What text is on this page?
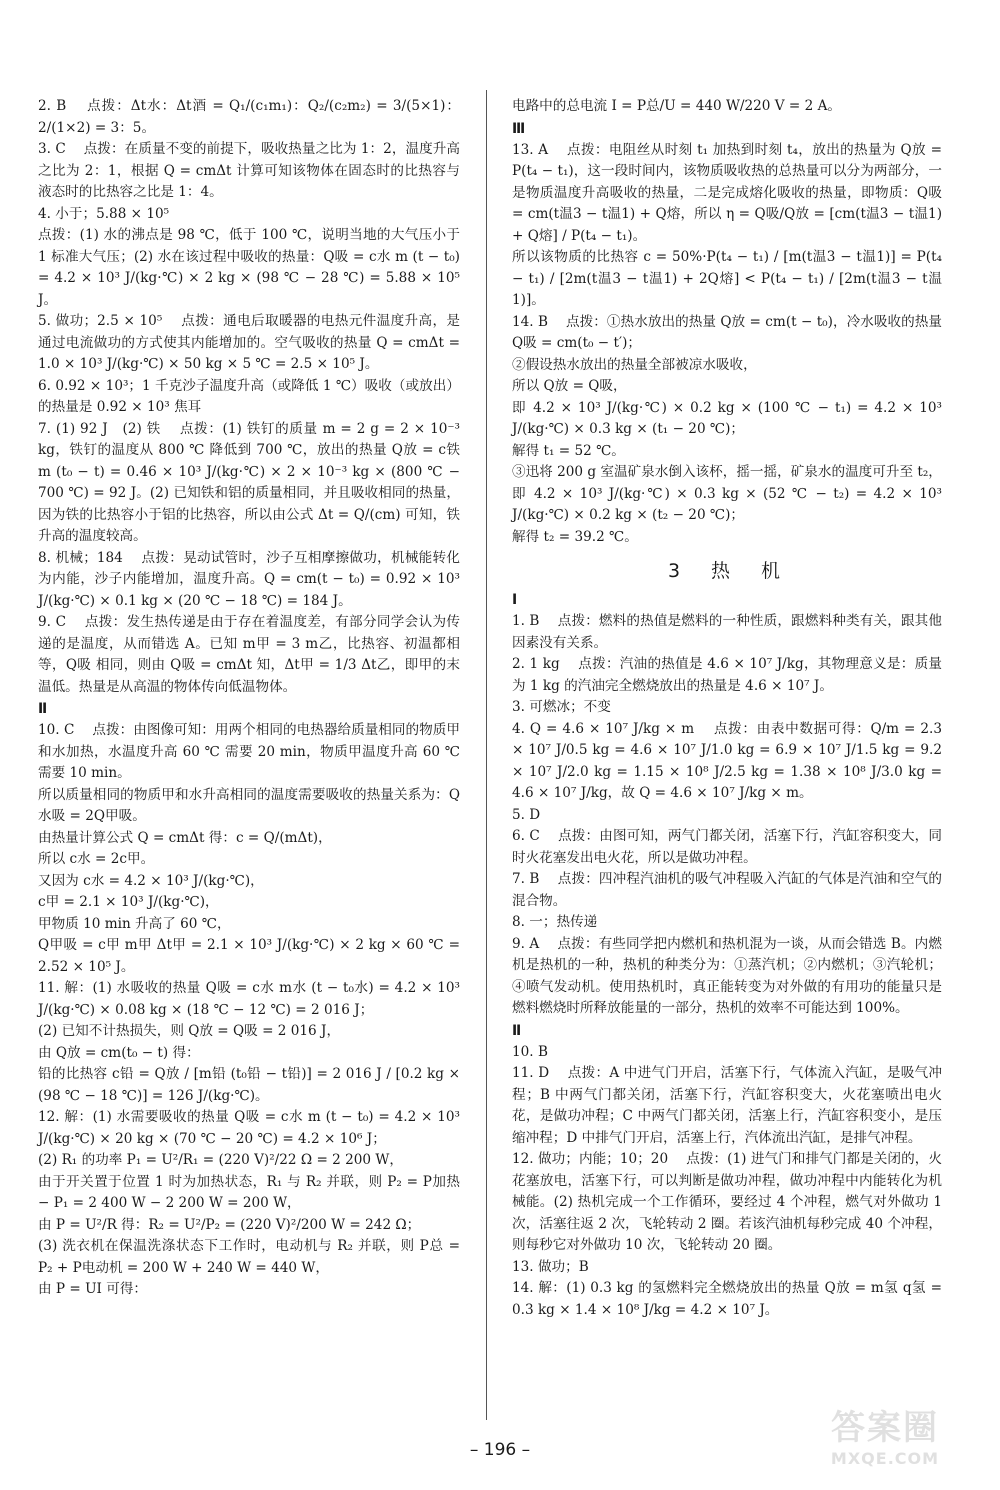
2. B　 点拨：Δt水：Δt酒 = Q₁/(c₁m₁)：Q₂/(c₂m₂) = 3/(5×1)：2/(1×2) = 3：5。
3. C　 点拨：在质量不变的前提下，吸收热量之比为 1：2，温度升高之比为 2：1，根据 Q = cmΔt 计算可知该物体在固态时的比热容与液态时的比热容之比是 1：4。
4. 小于；5.88 × 10⁵
点拨：(1) 水的沸点是 98 ℃，低于 100 ℃，说明当地的大气压小于 1 标准大气压；(2) 水在该过程中吸收的热量：Q吸 = c水 m (t − t₀) = 4.2 × 10³ J/(kg·℃) × 2 kg × (98 ℃ − 28 ℃) = 5.88 × 10⁵ J。
5. 做功；2.5 × 10⁵　 点拨：通电后取暖器的电热元件温度升高，是通过电流做功的方式使其内能增加的。空气吸收的热量 Q = cmΔt = 1.0 × 10³ J/(kg·℃) × 50 kg × 5 ℃ = 2.5 × 10⁵ J。
6. 0.92 × 10³；1 千克沙子温度升高（或降低 1 ℃）吸收（或放出）的热量是 0.92 × 10³ 焦耳
7. (1) 92 J　(2) 铁　 点拨：(1) 铁钉的质量 m = 2 g = 2 × 10⁻³ kg，铁钉的温度从 800 ℃ 降低到 700 ℃，放出的热量 Q放 = c铁 m (t₀ − t) = 0.46 × 10³ J/(kg·℃) × 2 × 10⁻³ kg × (800 ℃ − 700 ℃) = 92 J。(2) 已知铁和铝的质量相同，并且吸收相同的热量，因为铁的比热容小于铝的比热容，所以由公式 Δt = Q/(cm) 可知，铁升高的温度较高。
8. 机械；184　 点拨：晃动试管时，沙子互相摩擦做功，机械能转化为内能，沙子内能增加，温度升高。Q = cm(t − t₀) = 0.92 × 10³ J/(kg·℃) × 0.1 kg × (20 ℃ − 18 ℃) = 184 J。
9. C　 点拨：发生热传递是由于存在着温度差，有部分同学会认为传递的是温度，从而错选 A。已知 m甲 = 3 m乙，比热容、初温都相等，Q吸 相同，则由 Q吸 = cmΔt 知，Δt甲 = 1/3 Δt乙，即甲的末温低。热量是从高温的物体传向低温物体。
Ⅱ
10. C　 点拨：由图像可知：用两个相同的电热器给质量相同的物质甲和水加热，水温度升高 60 ℃ 需要 20 min，物质甲温度升高 60 ℃ 需要 10 min。
所以质量相同的物质甲和水升高相同的温度需要吸收的热量关系为：Q水吸 = 2Q甲吸。
由热量计算公式 Q = cmΔt 得：c = Q/(mΔt)，
所以 c水 = 2c甲。
又因为 c水 = 4.2 × 10³ J/(kg·℃)，
c甲 = 2.1 × 10³ J/(kg·℃)，
甲物质 10 min 升高了 60 ℃，
Q甲吸 = c甲 m甲 Δt甲 = 2.1 × 10³ J/(kg·℃) × 2 kg × 60 ℃ = 2.52 × 10⁵ J。
11. 解：(1) 水吸收的热量 Q吸 = c水 m水 (t − t₀水) = 4.2 × 10³ J/(kg·℃) × 0.08 kg × (18 ℃ − 12 ℃) = 2 016 J；
(2) 已知不计热损失，则 Q放 = Q吸 = 2 016 J，
由 Q放 = cm(t₀ − t) 得：
铅的比热容 c铅 = Q放 / [m铅 (t₀铅 − t铅)] = 2 016 J / [0.2 kg × (98 ℃ − 18 ℃)] = 126 J/(kg·℃)。
12. 解：(1) 水需要吸收的热量 Q吸 = c水 m (t − t₀) = 4.2 × 10³ J/(kg·℃) × 20 kg × (70 ℃ − 20 ℃) = 4.2 × 10⁶ J；
(2) R₁ 的功率 P₁ = U²/R₁ = (220 V)²/22 Ω = 2 200 W，
由于开关置于位置 1 时为加热状态，R₁ 与 R₂ 并联，则 P₂ = P加热 − P₁ = 2 400 W − 2 200 W = 200 W，
由 P = U²/R 得：R₂ = U²/P₂ = (220 V)²/200 W = 242 Ω；
(3) 洗衣机在保温洗涤状态下工作时，电动机与 R₂ 并联，则 P总 = P₂ + P电动机 = 200 W + 240 W = 440 W，
由 P = UI 可得：
电路中的总电流 I = P总/U = 440 W/220 V = 2 A。
Ⅲ
13. A　 点拨：电阻丝从时刻 t₁ 加热到时刻 t₄，放出的热量为 Q放 = P(t₄ − t₁)，这一段时间内，该物质吸收热的总热量可以分为两部分，一是物质温度升高吸收的热量，二是完成熔化吸收的热量，即物质：Q吸 = cm(t温3 − t温1) + Q熔，所以 η = Q吸/Q放 = [cm(t温3 − t温1) + Q熔] / P(t₄ − t₁)。
所以该物质的比热容 c = 50%·P(t₄ − t₁) / [m(t温3 − t温1)] = P(t₄ − t₁) / [2m(t温3 − t温1) + 2Q熔] < P(t₄ − t₁) / [2m(t温3 − t温1)]。
14. B　 点拨：①热水放出的热量 Q放 = cm(t − t₀)，冷水吸收的热量 Q吸 = cm(t₀ − t′)；
②假设热水放出的热量全部被凉水吸收，
所以 Q放 = Q吸，
即 4.2 × 10³ J/(kg·℃) × 0.2 kg × (100 ℃ − t₁) = 4.2 × 10³ J/(kg·℃) × 0.3 kg × (t₁ − 20 ℃)；
解得 t₁ = 52 ℃。
③迅将 200 g 室温矿泉水倒入该杯，摇一摇，矿泉水的温度可升至 t₂，
即 4.2 × 10³ J/(kg·℃) × 0.3 kg × (52 ℃ − t₂) = 4.2 × 10³ J/(kg·℃) × 0.2 kg × (t₂ − 20 ℃)；
解得 t₂ = 39.2 ℃。
3　热　机
Ⅰ
1. B　 点拨：燃料的热值是燃料的一种性质，跟燃料种类有关，跟其他因素没有关系。
2. 1 kg　 点拨：汽油的热值是 4.6 × 10⁷ J/kg，其物理意义是：质量为 1 kg 的汽油完全燃烧放出的热量是 4.6 × 10⁷ J。
3. 可燃冰；不变
4. Q = 4.6 × 10⁷ J/kg × m　 点拨：由表中数据可得：Q/m = 2.3 × 10⁷ J/0.5 kg = 4.6 × 10⁷ J/1.0 kg = 6.9 × 10⁷ J/1.5 kg = 9.2 × 10⁷ J/2.0 kg = 1.15 × 10⁸ J/2.5 kg = 1.38 × 10⁸ J/3.0 kg = 4.6 × 10⁷ J/kg，故 Q = 4.6 × 10⁷ J/kg × m。
5. D
6. C　 点拨：由图可知，两气门都关闭，活塞下行，汽缸容积变大，同时火花塞发出电火花，所以是做功冲程。
7. B　 点拨：四冲程汽油机的吸气冲程吸入汽缸的气体是汽油和空气的混合物。
8. 一；热传递
9. A　 点拨：有些同学把内燃机和热机混为一谈，从而会错选 B。内燃机是热机的一种，热机的种类分为：①蒸汽机；②内燃机；③汽轮机；④喷气发动机。使用热机时，真正能转变为对外做的有用功的能量只是燃料燃烧时所释放能量的一部分，热机的效率不可能达到 100%。
Ⅱ
10. B
11. D　 点拨：A 中进气门开启，活塞下行，气体流入汽缸，是吸气冲程；B 中两气门都关闭，活塞下行，汽缸容积变大，火花塞喷出电火花，是做功冲程；C 中两气门都关闭，活塞上行，汽缸容积变小，是压缩冲程；D 中排气门开启，活塞上行，汽体流出汽缸，是排气冲程。
12. 做功；内能；10；20　 点拨：(1) 进气门和排气门都是关闭的，火花塞放电，活塞下行，可以判断是做功冲程，做功冲程中内能转化为机械能。(2) 热机完成一个工作循环，要经过 4 个冲程，燃气对外做功 1 次，活塞往返 2 次，飞轮转动 2 圈。若该汽油机每秒完成 40 个冲程，则每秒它对外做功 10 次，飞轮转动 20 圈。
13. 做功；B
14. 解：(1) 0.3 kg 的氢燃料完全燃烧放出的热量 Q放 = m氢 q氢 = 0.3 kg × 1.4 × 10⁸ J/kg = 4.2 × 10⁷ J。
– 196 –
答案圈
MXQE.COM
